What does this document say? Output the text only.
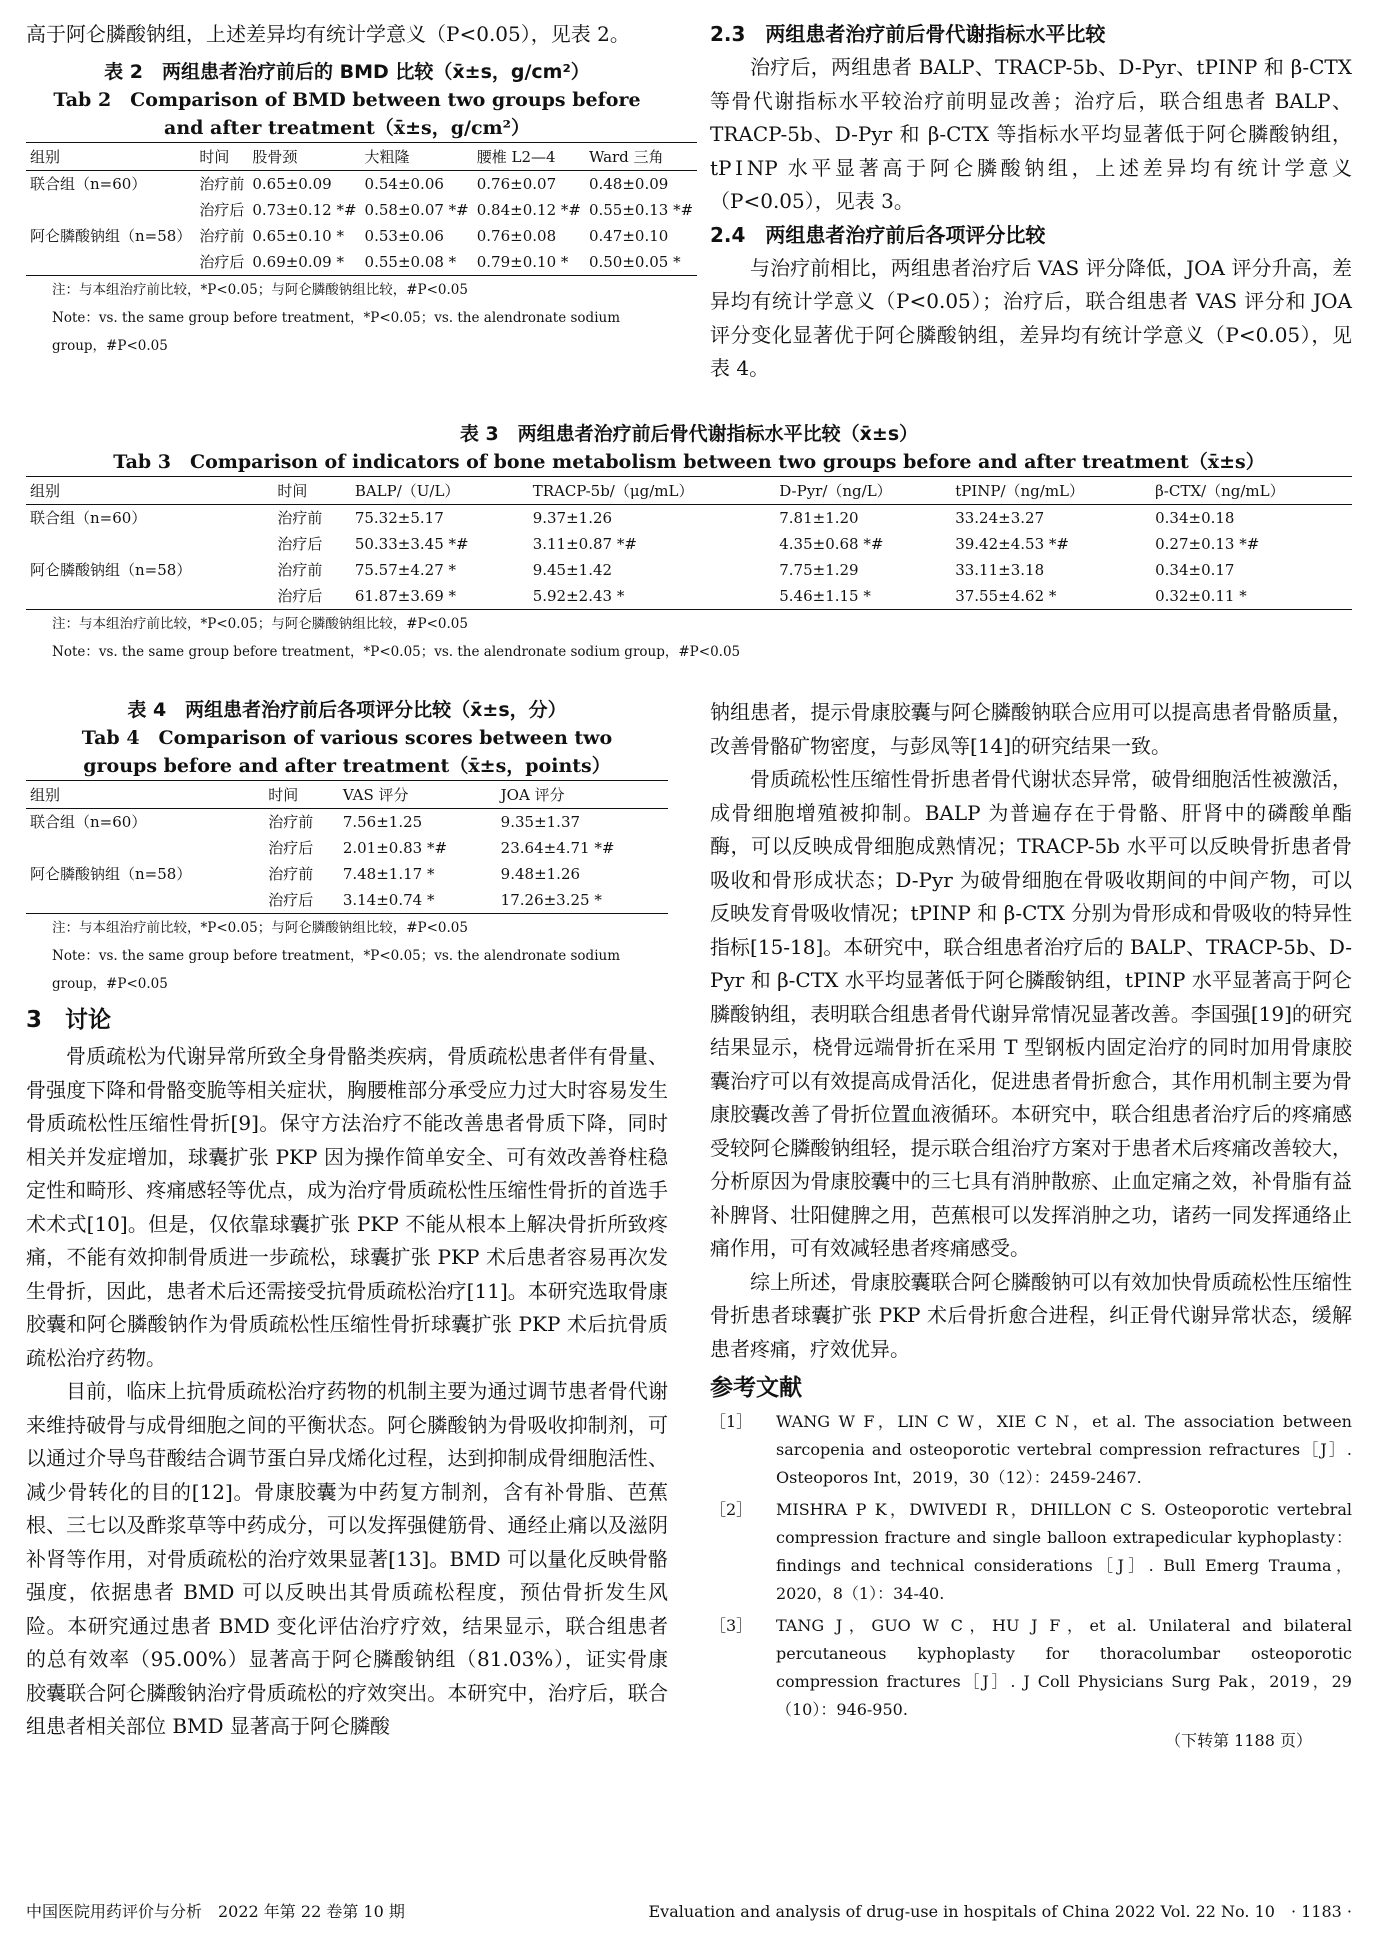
高于阿仑膦酸钠组，上述差异均有统计学意义（P<0.05），见表 2。

表 2　两组患者治疗前后的 BMD 比较（x̄±s，g/cm²）
Tab 2　Comparison of BMD between two groups before and after treatment（x̄±s，g/cm²）
组别	时间	股骨颈	大粗隆	腰椎 L2—4	Ward 三角
联合组（n=60）	治疗前	0.65±0.09	0.54±0.06	0.76±0.07	0.48±0.09
	治疗后	0.73±0.12 *#	0.58±0.07 *#	0.84±0.12 *#	0.55±0.13 *#
阿仑膦酸钠组（n=58）	治疗前	0.65±0.10 *	0.53±0.06	0.76±0.08	0.47±0.10
	治疗后	0.69±0.09 *	0.55±0.08 *	0.79±0.10 *	0.50±0.05 *
注：与本组治疗前比较，*P<0.05；与阿仑膦酸钠组比较，#P<0.05
Note：vs. the same group before treatment，*P<0.05；vs. the alendronate sodium group，#P<0.05
2.3　两组患者治疗前后骨代谢指标水平比较

治疗后，两组患者 BALP、TRACP-5b、D-Pyr、tPⅠNP 和 β-CTX 等骨代谢指标水平较治疗前明显改善；治疗后，联合组患者 BALP、TRACP-5b、D-Pyr 和 β-CTX 等指标水平均显著低于阿仑膦酸钠组，tPⅠNP 水平显著高于阿仑膦酸钠组，上述差异均有统计学意义（P<0.05），见表 3。

2.4　两组患者治疗前后各项评分比较

与治疗前相比，两组患者治疗后 VAS 评分降低，JOA 评分升高，差异均有统计学意义（P<0.05）；治疗后，联合组患者 VAS 评分和 JOA 评分变化显著优于阿仑膦酸钠组，差异均有统计学意义（P<0.05），见表 4。

表 3　两组患者治疗前后骨代谢指标水平比较（x̄±s）
Tab 3　Comparison of indicators of bone metabolism between two groups before and after treatment（x̄±s）
组别	时间	BALP/（U/L）	TRACP-5b/（μg/mL）	D-Pyr/（ng/L）	tPⅠNP/（ng/mL）	β-CTX/（ng/mL）
联合组（n=60）	治疗前	75.32±5.17	9.37±1.26	7.81±1.20	33.24±3.27	0.34±0.18
	治疗后	50.33±3.45 *#	3.11±0.87 *#	4.35±0.68 *#	39.42±4.53 *#	0.27±0.13 *#
阿仑膦酸钠组（n=58）	治疗前	75.57±4.27 *	9.45±1.42	7.75±1.29	33.11±3.18	0.34±0.17
	治疗后	61.87±3.69 *	5.92±2.43 *	5.46±1.15 *	37.55±4.62 *	0.32±0.11 *
注：与本组治疗前比较，*P<0.05；与阿仑膦酸钠组比较，#P<0.05
Note：vs. the same group before treatment，*P<0.05；vs. the alendronate sodium group，#P<0.05
表 4　两组患者治疗前后各项评分比较（x̄±s，分）
Tab 4　Comparison of various scores between two groups before and after treatment（x̄±s，points）
组别	时间	VAS 评分	JOA 评分
联合组（n=60）	治疗前	7.56±1.25	9.35±1.37
	治疗后	2.01±0.83 *#	23.64±4.71 *#
阿仑膦酸钠组（n=58）	治疗前	7.48±1.17 *	9.48±1.26
	治疗后	3.14±0.74 *	17.26±3.25 *
注：与本组治疗前比较，*P<0.05；与阿仑膦酸钠组比较，#P<0.05
Note：vs. the same group before treatment，*P<0.05；vs. the alendronate sodium group，#P<0.05
3　讨论

骨质疏松为代谢异常所致全身骨骼类疾病，骨质疏松患者伴有骨量、骨强度下降和骨骼变脆等相关症状，胸腰椎部分承受应力过大时容易发生骨质疏松性压缩性骨折[9]。保守方法治疗不能改善患者骨质下降，同时相关并发症增加，球囊扩张 PKP 因为操作简单安全、可有效改善脊柱稳定性和畸形、疼痛感轻等优点，成为治疗骨质疏松性压缩性骨折的首选手术术式[10]。但是，仅依靠球囊扩张 PKP 不能从根本上解决骨折所致疼痛，不能有效抑制骨质进一步疏松，球囊扩张 PKP 术后患者容易再次发生骨折，因此，患者术后还需接受抗骨质疏松治疗[11]。本研究选取骨康胶囊和阿仑膦酸钠作为骨质疏松性压缩性骨折球囊扩张 PKP 术后抗骨质疏松治疗药物。

目前，临床上抗骨质疏松治疗药物的机制主要为通过调节患者骨代谢来维持破骨与成骨细胞之间的平衡状态。阿仑膦酸钠为骨吸收抑制剂，可以通过介导鸟苷酸结合调节蛋白异戊烯化过程，达到抑制成骨细胞活性、减少骨转化的目的[12]。骨康胶囊为中药复方制剂，含有补骨脂、芭蕉根、三七以及酢浆草等中药成分，可以发挥强健筋骨、通经止痛以及滋阴补肾等作用，对骨质疏松的治疗效果显著[13]。BMD 可以量化反映骨骼强度，依据患者 BMD 可以反映出其骨质疏松程度，预估骨折发生风险。本研究通过患者 BMD 变化评估治疗疗效，结果显示，联合组患者的总有效率（95.00%）显著高于阿仑膦酸钠组（81.03%），证实骨康胶囊联合阿仑膦酸钠治疗骨质疏松的疗效突出。本研究中，治疗后，联合组患者相关部位 BMD 显著高于阿仑膦酸

钠组患者，提示骨康胶囊与阿仑膦酸钠联合应用可以提高患者骨骼质量，改善骨骼矿物密度，与彭凤等[14]的研究结果一致。

骨质疏松性压缩性骨折患者骨代谢状态异常，破骨细胞活性被激活，成骨细胞增殖被抑制。BALP 为普遍存在于骨骼、肝肾中的磷酸单酯酶，可以反映成骨细胞成熟情况；TRACP-5b 水平可以反映骨折患者骨吸收和骨形成状态；D-Pyr 为破骨细胞在骨吸收期间的中间产物，可以反映发育骨吸收情况；tPⅠNP 和 β-CTX 分别为骨形成和骨吸收的特异性指标[15-18]。本研究中，联合组患者治疗后的 BALP、TRACP-5b、D-Pyr 和 β-CTX 水平均显著低于阿仑膦酸钠组，tPⅠNP 水平显著高于阿仑膦酸钠组，表明联合组患者骨代谢异常情况显著改善。李国强[19]的研究结果显示，桡骨远端骨折在采用 T 型钢板内固定治疗的同时加用骨康胶囊治疗可以有效提高成骨活化，促进患者骨折愈合，其作用机制主要为骨康胶囊改善了骨折位置血液循环。本研究中，联合组患者治疗后的疼痛感受较阿仑膦酸钠组轻，提示联合组治疗方案对于患者术后疼痛改善较大，分析原因为骨康胶囊中的三七具有消肿散瘀、止血定痛之效，补骨脂有益补脾肾、壮阳健脾之用，芭蕉根可以发挥消肿之功，诸药一同发挥通络止痛作用，可有效减轻患者疼痛感受。

综上所述，骨康胶囊联合阿仑膦酸钠可以有效加快骨质疏松性压缩性骨折患者球囊扩张 PKP 术后骨折愈合进程，纠正骨代谢异常状态，缓解患者疼痛，疗效优异。

参考文献
［1］ WANG W F，LIN C W，XIE C N，et al. The association between sarcopenia and osteoporotic vertebral compression refractures［J］. Osteoporos Int，2019，30（12）：2459-2467.
［2］ MISHRA P K，DWIVEDI R，DHILLON C S. Osteoporotic vertebral compression fracture and single balloon extrapedicular kyphoplasty：findings and technical considerations［J］. Bull Emerg Trauma，2020，8（1）：34-40.
［3］ TANG J，GUO W C，HU J F，et al. Unilateral and bilateral percutaneous kyphoplasty for thoracolumbar osteoporotic compression fractures［J］. J Coll Physicians Surg Pak，2019，29（10）：946-950.
（下转第 1188 页）
中国医院用药评价与分析　2022 年第 22 卷第 10 期	Evaluation and analysis of drug-use in hospitals of China 2022 Vol. 22 No. 10　· 1183 ·
